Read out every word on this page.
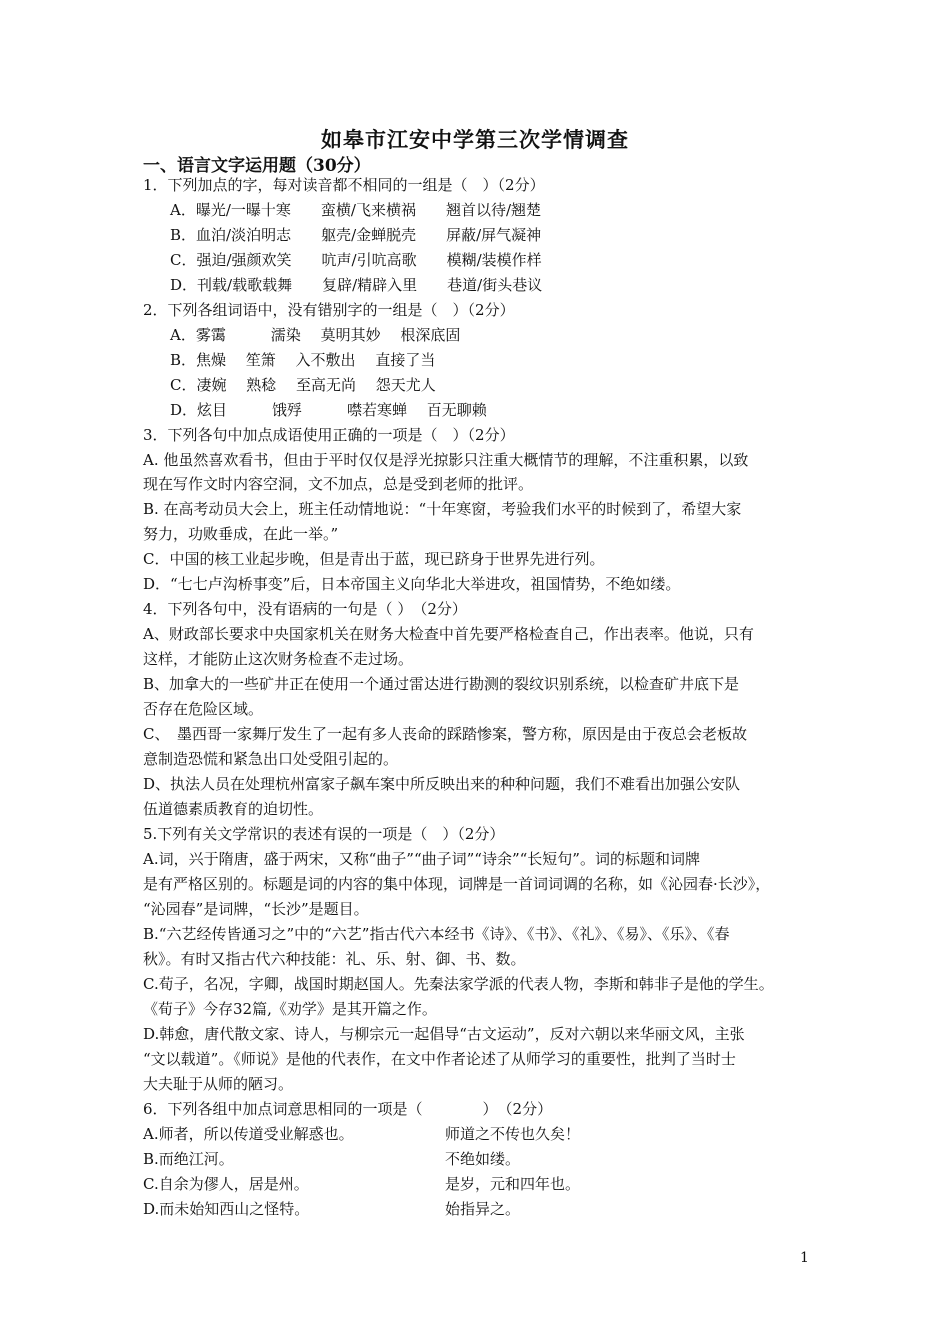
如皋市江安中学第三次学情调查
一、语言文字运用题（30分）
1．下列加点的字，每对读音都不相同的一组是（　）（2分）
A．曝光/一曝十寒　　蛮横/飞来横祸　　翘首以待/翘楚
B．血泊/淡泊明志　　躯壳/金蝉脱壳　　屏蔽/屏气凝神
C．强迫/强颜欢笑　　吭声/引吭高歌　　模糊/装模作样
D．刊载/载歌载舞　　复辟/精辟入里　　巷道/街头巷议
2．下列各组词语中，没有错别字的一组是（　）（2分）
A．雾霭　　　濡染　 莫明其妙　 根深底固
B．焦燥　 笙箫　 入不敷出　 直接了当
C．凄婉　 熟稔　 至高无尚　 怨天尤人
D．炫目　　　饿殍　　　噤若寒蝉　 百无聊赖
3．下列各句中加点成语使用正确的一项是（　）（2分）
A. 他虽然喜欢看书，但由于平时仅仅是浮光掠影只注重大概情节的理解，不注重积累，以致
现在写作文时内容空洞，文不加点，总是受到老师的批评。
B. 在高考动员大会上，班主任动情地说：“十年寒窗，考验我们水平的时候到了，希望大家
努力，功败垂成，在此一举。”
C．中国的核工业起步晚，但是青出于蓝，现已跻身于世界先进行列。
D．“七七卢沟桥事变”后，日本帝国主义向华北大举进攻，祖国情势，不绝如缕。
4．下列各句中，没有语病的一句是（ ）　（2分）
A、财政部长要求中央国家机关在财务大检查中首先要严格检查自己，作出表率。他说，只有
这样，才能防止这次财务检查不走过场。
B、加拿大的一些矿井正在使用一个通过雷达进行勘测的裂纹识别系统，以检查矿井底下是
否存在危险区域。
C、　墨西哥一家舞厅发生了一起有多人丧命的踩踏惨案，警方称，原因是由于夜总会老板故
意制造恐慌和紧急出口处受阻引起的。
D、执法人员在处理杭州富家子飙车案中所反映出来的种种问题，我们不难看出加强公安队
伍道德素质教育的迫切性。
5.下列有关文学常识的表述有误的一项是（　）（2分）
A.词，兴于隋唐，盛于两宋，又称“曲子”“曲子词”“诗余”“长短句”。词的标题和词牌
是有严格区别的。标题是词的内容的集中体现，词牌是一首词词调的名称，如《沁园春·长沙》，
“沁园春”是词牌，“长沙”是题目。
B.“六艺经传皆通习之”中的“六艺”指古代六本经书《诗》、《书》、《礼》、《易》、《乐》、《春
秋》。有时又指古代六种技能：礼、乐、射、御、书、数。
C.荀子，名况，字卿，战国时期赵国人。先秦法家学派的代表人物，李斯和韩非子是他的学生。
《荀子》今存32篇,《劝学》是其开篇之作。
D.韩愈，唐代散文家、诗人，与柳宗元一起倡导“古文运动”，反对六朝以来华丽文风，主张
“文以载道”。《师说》是他的代表作，在文中作者论述了从师学习的重要性，批判了当时士
大夫耻于从师的陋习。
6．下列各组中加点词意思相同的一项是（　　　　）　（2分）
A.师者，所以传道受业解惑也。	师道之不传也久矣！
B.而绝江河。	不绝如缕。
C.自余为僇人，居是州。	是岁，元和四年也。
D.而未始知西山之怪特。	始指异之。
1
